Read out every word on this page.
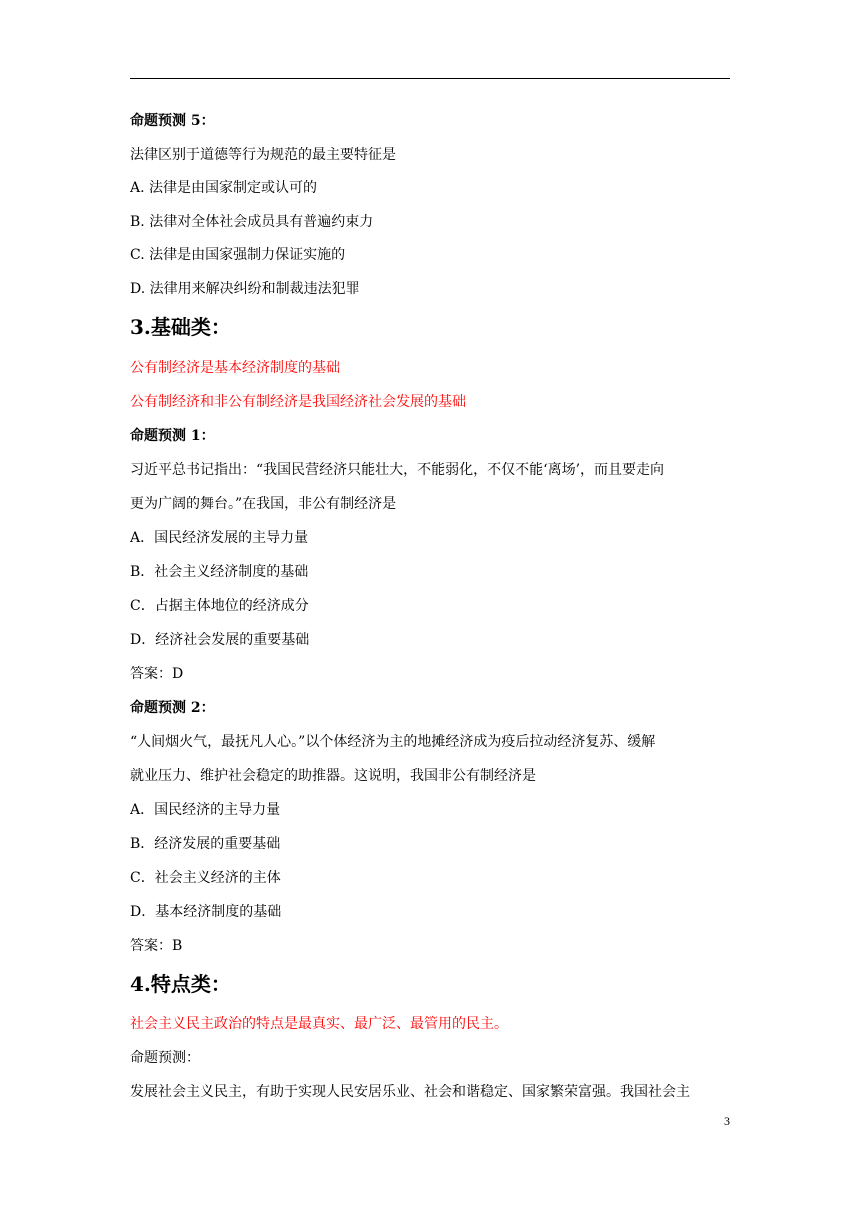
命题预测 5：
法律区别于道德等行为规范的最主要特征是
A. 法律是由国家制定或认可的
B. 法律对全体社会成员具有普遍约束力
C. 法律是由国家强制力保证实施的
D. 法律用来解决纠纷和制裁违法犯罪
3.基础类：
公有制经济是基本经济制度的基础
公有制经济和非公有制经济是我国经济社会发展的基础
命题预测 1：
习近平总书记指出：“我国民营经济只能壮大，不能弱化，不仅不能‘离场’，而且要走向
更为广阔的舞台。”在我国，非公有制经济是
A．国民经济发展的主导力量
B．社会主义经济制度的基础
C．占据主体地位的经济成分
D．经济社会发展的重要基础
答案：D
命题预测 2：
“人间烟火气，最抚凡人心。”以个体经济为主的地摊经济成为疫后拉动经济复苏、缓解
就业压力、维护社会稳定的助推器。这说明，我国非公有制经济是
A．国民经济的主导力量
B．经济发展的重要基础
C．社会主义经济的主体
D．基本经济制度的基础
答案：B
4.特点类：
社会主义民主政治的特点是最真实、最广泛、最管用的民主。
命题预测：
发展社会主义民主，有助于实现人民安居乐业、社会和谐稳定、国家繁荣富强。我国社会主
3
